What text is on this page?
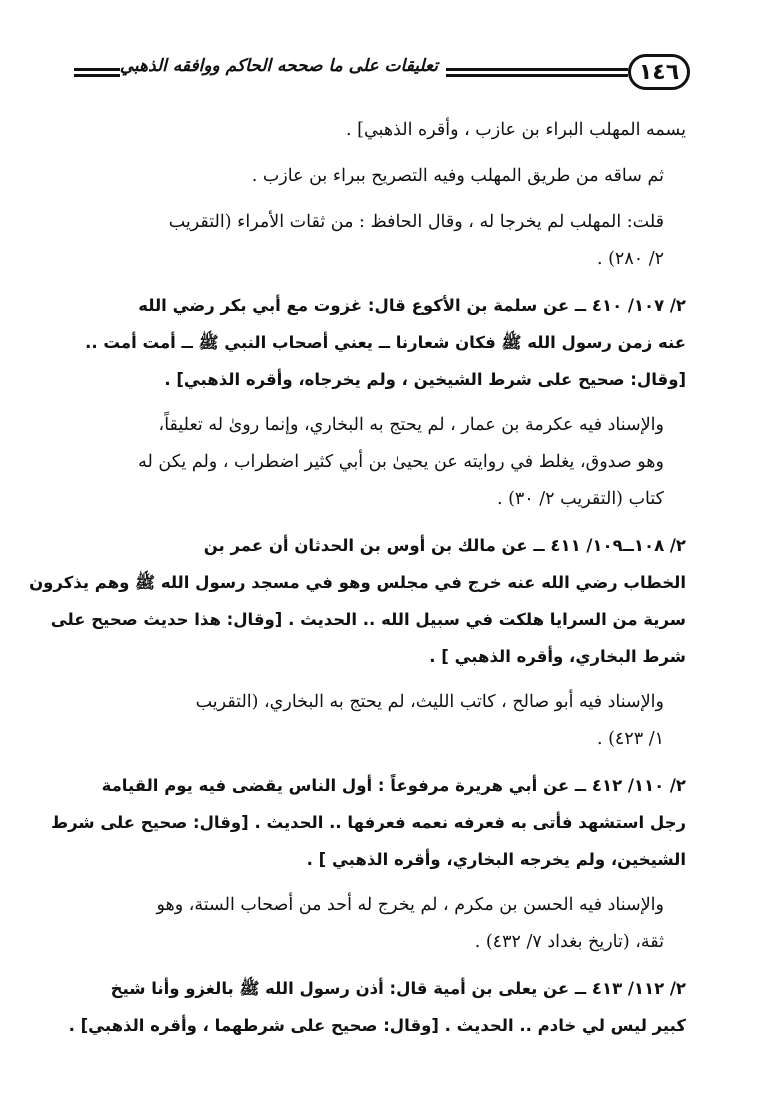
١٤٦
تعليقات على ما صححه الحاكم ووافقه الذهبي

يسمه المهلب البراء بن عازب ، وأقره الذهبي] .

ثم ساقه من طريق المهلب وفيه التصريح ببراء بن عازب .

قلت: المهلب لم يخرجا له ، وقال الحافظ : من ثقات الأمراء (التقريب
٢/ ٢٨٠) .

٢/ ١٠٧/ ٤١٠ ــ عن سلمة بن الأكوع قال: غزوت مع أبي بكر رضي الله
عنه زمن رسول الله ﷺ فكان شعارنا ــ يعني أصحاب النبي ﷺ ــ أمت أمت ..
[وقال: صحيح على شرط الشيخين ، ولم يخرجاه، وأقره الذهبي] .

والإسناد فيه عكرمة بن عمار ، لم يحتج به البخاري، وإنما روىٰ له تعليقاً،
وهو صدوق، يغلط في روايته عن يحيىٰ بن أبي كثير اضطراب ، ولم يكن له
كتاب (التقريب ٢/ ٣٠) .

٢/ ١٠٨ــ١٠٩/ ٤١١ ــ عن مالك بن أوس بن الحدثان أن عمر بن
الخطاب رضي الله عنه خرج في مجلس وهو في مسجد رسول الله ﷺ وهم يذكرون
سرية من السرايا هلكت في سبيل الله .. الحديث . [وقال: هذا حديث صحيح على
شرط البخاري، وأقره الذهبي ] .

والإسناد فيه أبو صالح ، كاتب الليث، لم يحتج به البخاري، (التقريب
١/ ٤٢٣) .

٢/ ١١٠/ ٤١٢ ــ عن أبي هريرة مرفوعاً : أول الناس يقضى فيه يوم القيامة
رجل استشهد فأتى به فعرفه نعمه فعرفها .. الحديث . [وقال: صحيح على شرط
الشيخين، ولم يخرجه البخاري، وأقره الذهبي ] .

والإسناد فيه الحسن بن مكرم ، لم يخرج له أحد من أصحاب الستة، وهو
ثقة، (تاريخ بغداد ٧/ ٤٣٢) .

٢/ ١١٢/ ٤١٣ ــ عن يعلى بن أمية قال: أذن رسول الله ﷺ بالغزو وأنا شيخ
كبير ليس لي خادم .. الحديث . [وقال: صحيح على شرطهما ، وأقره الذهبي] .
